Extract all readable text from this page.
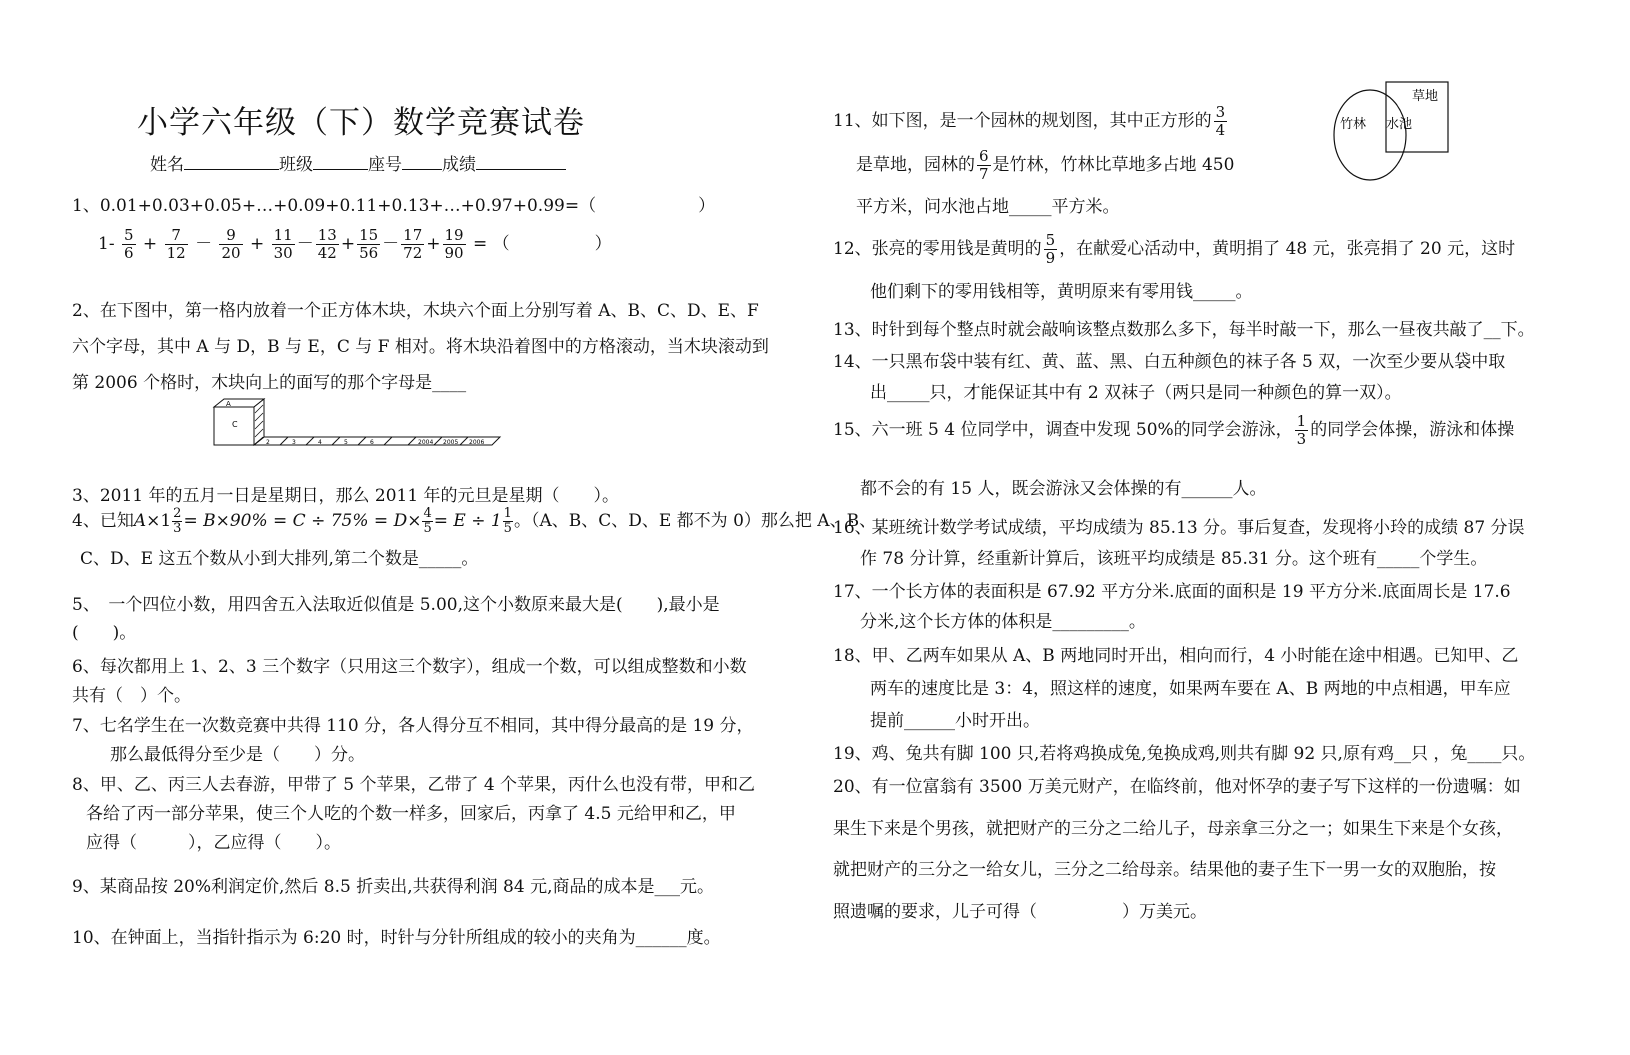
小学六年级（下）数学竞赛试卷
姓名	班级	座号 成绩
1、0.01+0.03+0.05+…+0.09+0.11+0.13+…+0.97+0.99=（　　　　　　）
$1- \frac{5}{6} + \frac{7}{12} - \frac{9}{20} + \frac{11}{30} - \frac{13}{42} + \frac{15}{56} - \frac{17}{72} + \frac{19}{90}$ = （　　　　　）
2、在下图中，第一格内放着一个正方体木块，木块六个面上分别写着 A、B、C、D、E、F
六个字母，其中 A 与 D，B 与 E，C 与 F 相对。将木块沿着图中的方格滚动，当木块滚动到
第 2006 个格时，木块向上的面写的那个字母是____
A
C
2	3	4	5	6	2004 2005 2006
3、2011 年的五月一日是星期日，那么 2011 年的元旦是星期（　　）。
4、已知$A\times 1 \frac{2}{3} = B\times 90\% = C \div 75\% = D\times \frac{4}{5} = E \div 1 \frac{1}{5}$ 。（A、B、C、D、E 都不为 0）那么把 A、B、
C、D、E 这五个数从小到大排列,第二个数是_____。
5、　一个四位小数，用四舍五入法取近似值是 5.00,这个小数原来最大是(　　),最小是
(　　)。
6、每次都用上 1、2、3 三个数字（只用这三个数字），组成一个数，可以组成整数和小数
共有（　）个。
7、七名学生在一次数竞赛中共得 110 分，各人得分互不相同，其中得分最高的是 19 分，
那么最低得分至少是（　　）分。
8、甲、乙、丙三人去春游，甲带了 5 个苹果，乙带了 4 个苹果，丙什么也没有带，甲和乙
各给了丙一部分苹果，使三个人吃的个数一样多，回家后，丙拿了 4.5 元给甲和乙，甲
应得（　　　），乙应得（　　）。
9、某商品按 20%利润定价,然后 8.5 折卖出,共获得利润 84 元,商品的成本是___元。
10、在钟面上，当指针指示为 6:20 时，时针与分针所组成的较小的夹角为______度。
11、如下图，是一个园林的规划图，其中正方形的 $\frac{3}{4}$
是草地，园林的 $\frac{6}{7}$ 是竹林，竹林比草地多占地 450
平方米，问水池占地_____平方米。
草地
竹林 水池
12、张亮的零用钱是黄明的 $\frac{5}{9}$ ，在献爱心活动中，黄明捐了 48 元，张亮捐了 20 元，这时
他们剩下的零用钱相等，黄明原来有零用钱_____。
13、时针到每个整点时就会敲响该整点数那么多下，每半时敲一下，那么一昼夜共敲了__下。
14、一只黑布袋中装有红、黄、蓝、黑、白五种颜色的袜子各 5 双，一次至少要从袋中取
出_____只，才能保证其中有 2 双袜子（两只是同一种颜色的算一双）。
15、六一班 5 4 位同学中，调查中发现 50%的同学会游泳， $\frac{1}{3}$ 的同学会体操，游泳和体操
都不会的有 15 人，既会游泳又会体操的有______人。
16、某班统计数学考试成绩，平均成绩为 85.13 分。事后复查，发现将小玲的成绩 87 分误
作 78 分计算，经重新计算后，该班平均成绩是 85.31 分。这个班有_____个学生。
17、一个长方体的表面积是 67.92 平方分米.底面的面积是 19 平方分米.底面周长是 17.6
分米,这个长方体的体积是_________。
18、甲、乙两车如果从 A、B 两地同时开出，相向而行，4 小时能在途中相遇。已知甲、乙
两车的速度比是 3：4，照这样的速度，如果两车要在 A、B 两地的中点相遇，甲车应
提前______小时开出。
19、鸡、兔共有脚 100 只,若将鸡换成兔,兔换成鸡,则共有脚 92 只,原有鸡__只 ，兔____只。
20、有一位富翁有 3500 万美元财产，在临终前，他对怀孕的妻子写下这样的一份遗嘱：如
果生下来是个男孩，就把财产的三分之二给儿子，母亲拿三分之一；如果生下来是个女孩，
就把财产的三分之一给女儿，三分之二给母亲。结果他的妻子生下一男一女的双胞胎，按
照遗嘱的要求，儿子可得（　　　　　）万美元。
